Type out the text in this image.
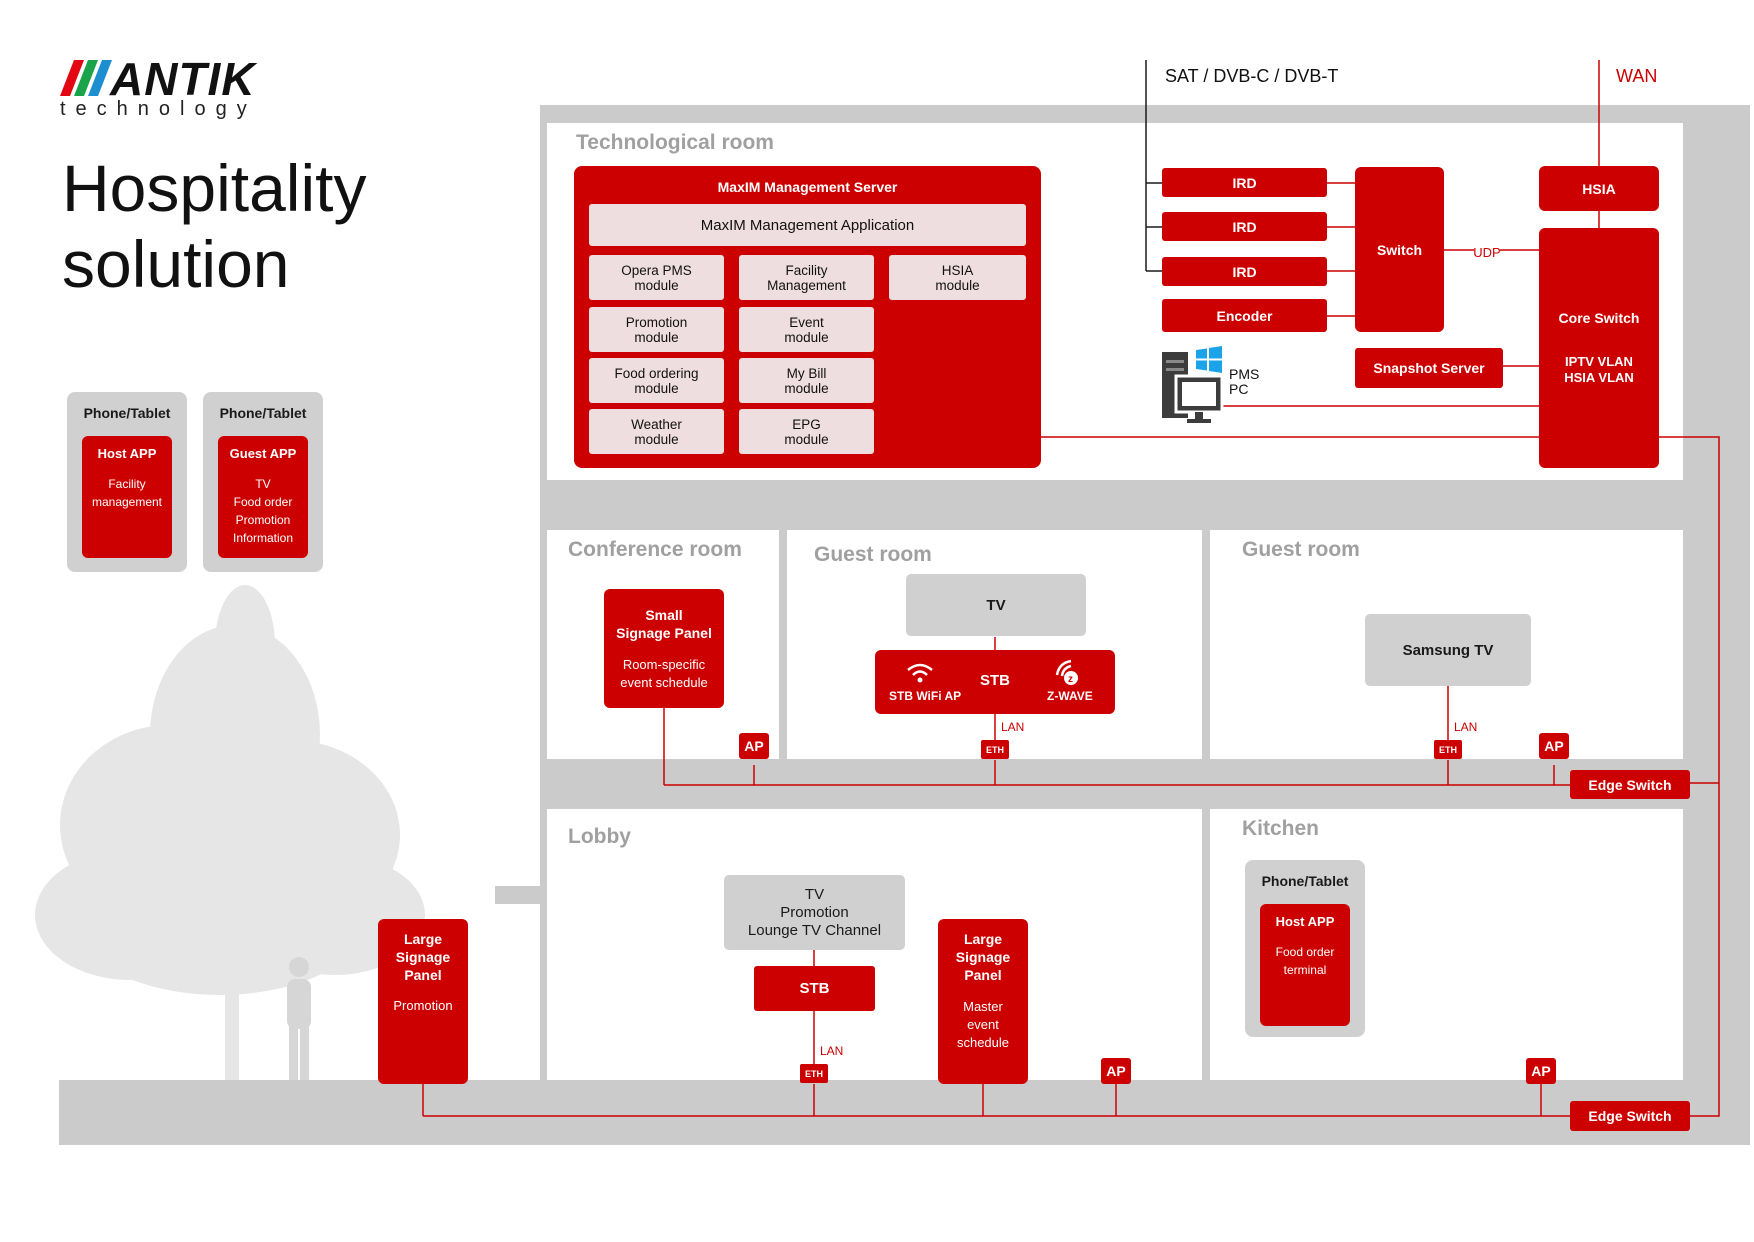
ANTIK
technology
Hospitality
solution
Phone/Tablet
Host APP
Facility
management
Phone/Tablet
Guest APP
TV
Food order
Promotion
Information
SAT / DVB-C / DVB-T	WAN
Technological room
MaxIM Management Server
MaxIM Management Application
Opera PMS
module
Facility
Management
HSIA
module
Promotion
module
Event
module
Food ordering
module
My Bill
module
Weather
module
EPG
module
IRD
IRD
IRD
Encoder
Switch	UDP
HSIA
Core Switch
IPTV VLAN
HSIA VLAN
Snapshot Server
PMS
PC
Conference room
Small
Signage Panel
Room-specific
event schedule
AP
Guest room
TV
STB WiFi AP
STB	z
Z-WAVE
LAN
ETH
Guest room
Samsung TV
LAN
ETH	AP
Edge Switch
Lobby
Large
Signage
Panel
Promotion
TV
Promotion
Lounge TV Channel
STB
LAN
ETH
Large
Signage
Panel
Master
event
schedule
AP
Kitchen
Phone/Tablet
Host APP
Food order
terminal
AP
Edge Switch
